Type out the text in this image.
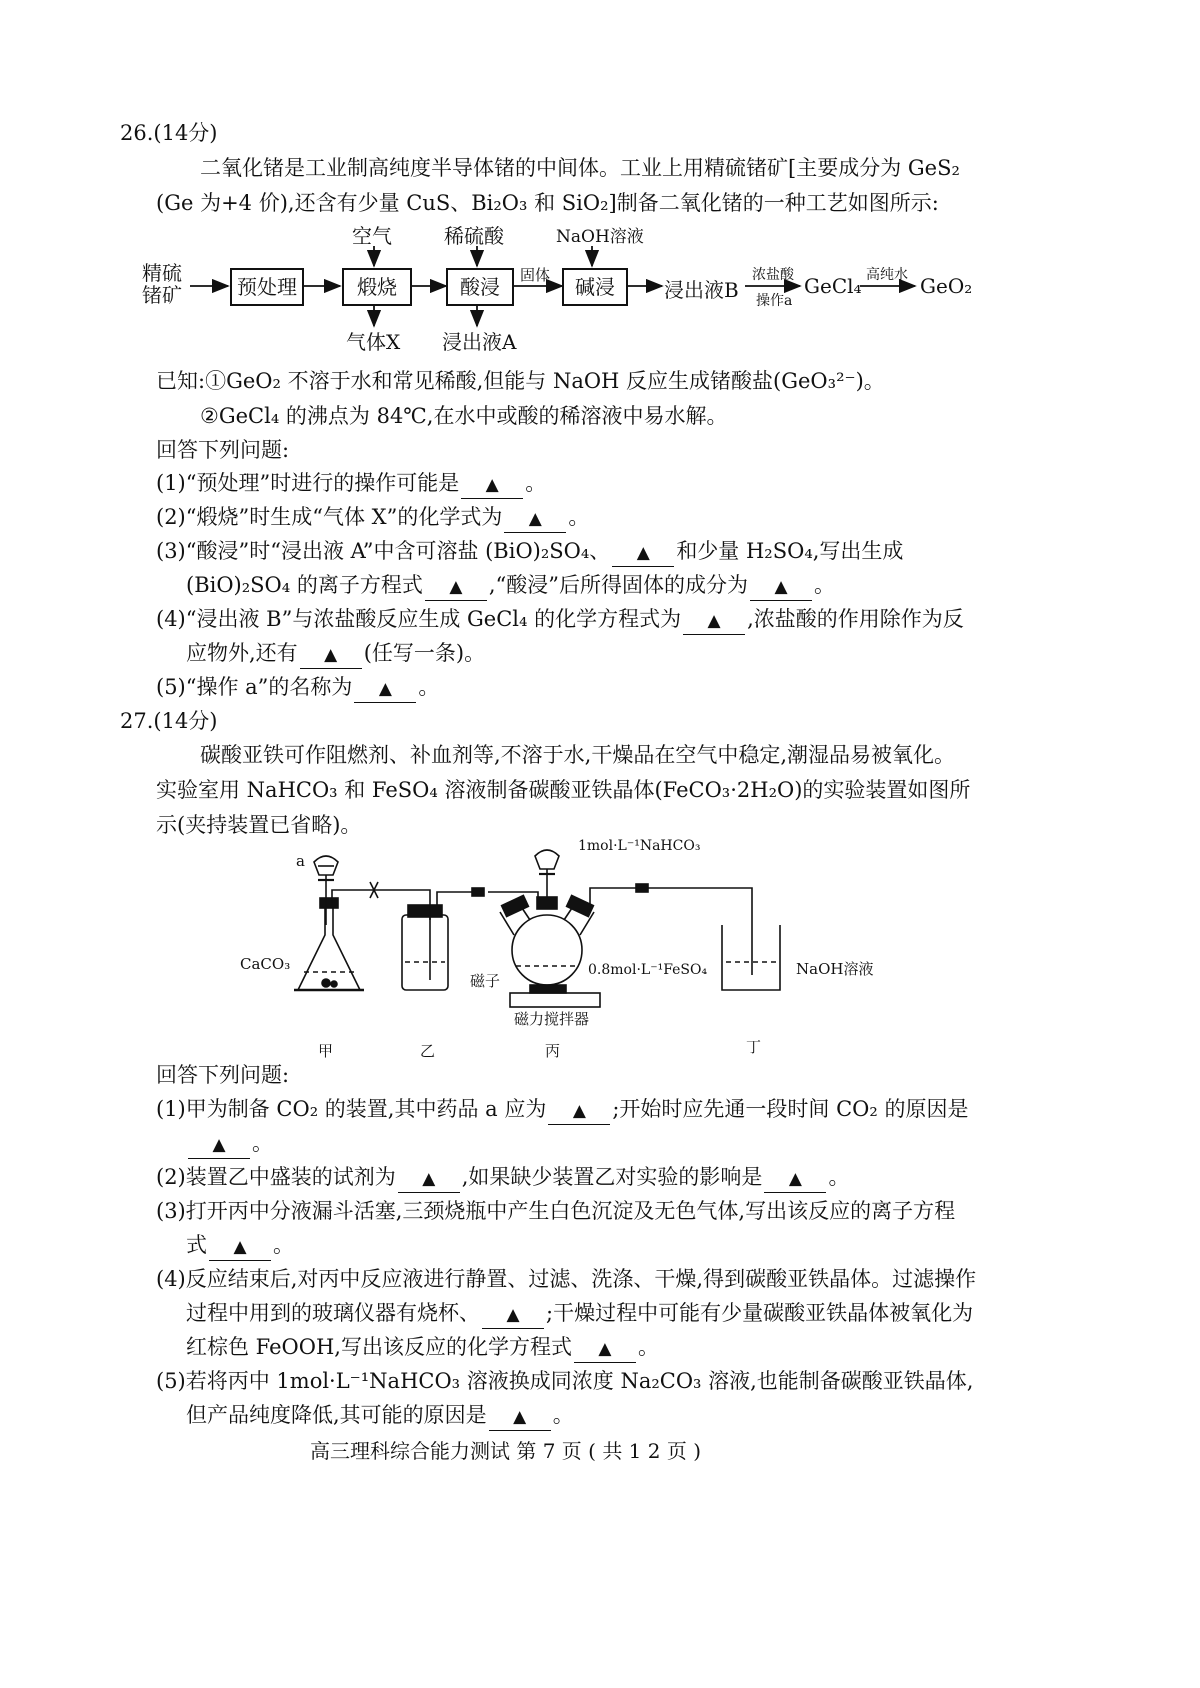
26.(14分)
二氧化锗是工业制高纯度半导体锗的中间体。工业上用精硫锗矿[主要成分为 GeS₂
(Ge 为+4 价),还含有少量 CuS、Bi₂O₃ 和 SiO₂]制备二氧化锗的一种工艺如图所示:
精硫
锗矿	预处理	煅烧	酸浸	碱浸
空气	稀硫酸	NaOH溶液
气体X 浸出液A
固体
浸出液B
浓盐酸
操作a
GeCl₄ 高纯水 GeO₂
已知:①GeO₂ 不溶于水和常见稀酸,但能与 NaOH 反应生成锗酸盐(GeO₃²⁻)。
②GeCl₄ 的沸点为 84℃,在水中或酸的稀溶液中易水解。
回答下列问题:
(1)“预处理”时进行的操作可能是 ▲ 。
(2)“煅烧”时生成“气体 X”的化学式为 ▲ 。
(3)“酸浸”时“浸出液 A”中含可溶盐 (BiO)₂SO₄、 ▲ 和少量 H₂SO₄,写出生成
(BiO)₂SO₄ 的离子方程式 ▲ ,“酸浸”后所得固体的成分为 ▲ 。
(4)“浸出液 B”与浓盐酸反应生成 GeCl₄ 的化学方程式为 ▲ ,浓盐酸的作用除作为反
应物外,还有 ▲ (任写一条)。
(5)“操作 a”的名称为 ▲ 。
27.(14分)
碳酸亚铁可作阻燃剂、补血剂等,不溶于水,干燥品在空气中稳定,潮湿品易被氧化。
实验室用 NaHCO₃ 和 FeSO₄ 溶液制备碳酸亚铁晶体(FeCO₃·2H₂O)的实验装置如图所
示(夹持装置已省略)。
a
CaCO₃
1mol·L⁻¹NaHCO₃
0.8mol·L⁻¹FeSO₄
磁子
磁力搅拌器
NaOH溶液
甲	乙	丙	丁
回答下列问题:
(1)甲为制备 CO₂ 的装置,其中药品 a 应为 ▲ ;开始时应先通一段时间 CO₂ 的原因是
▲ 。
(2)装置乙中盛装的试剂为 ▲ ,如果缺少装置乙对实验的影响是 ▲ 。
(3)打开丙中分液漏斗活塞,三颈烧瓶中产生白色沉淀及无色气体,写出该反应的离子方程
式 ▲ 。
(4)反应结束后,对丙中反应液进行静置、过滤、洗涤、干燥,得到碳酸亚铁晶体。过滤操作
过程中用到的玻璃仪器有烧杯、 ▲ ;干燥过程中可能有少量碳酸亚铁晶体被氧化为
红棕色 FeOOH,写出该反应的化学方程式 ▲ 。
(5)若将丙中 1mol·L⁻¹NaHCO₃ 溶液换成同浓度 Na₂CO₃ 溶液,也能制备碳酸亚铁晶体,
但产品纯度降低,其可能的原因是 ▲ 。
高三理科综合能力测试 第 7 页 ( 共 1 2 页 )
